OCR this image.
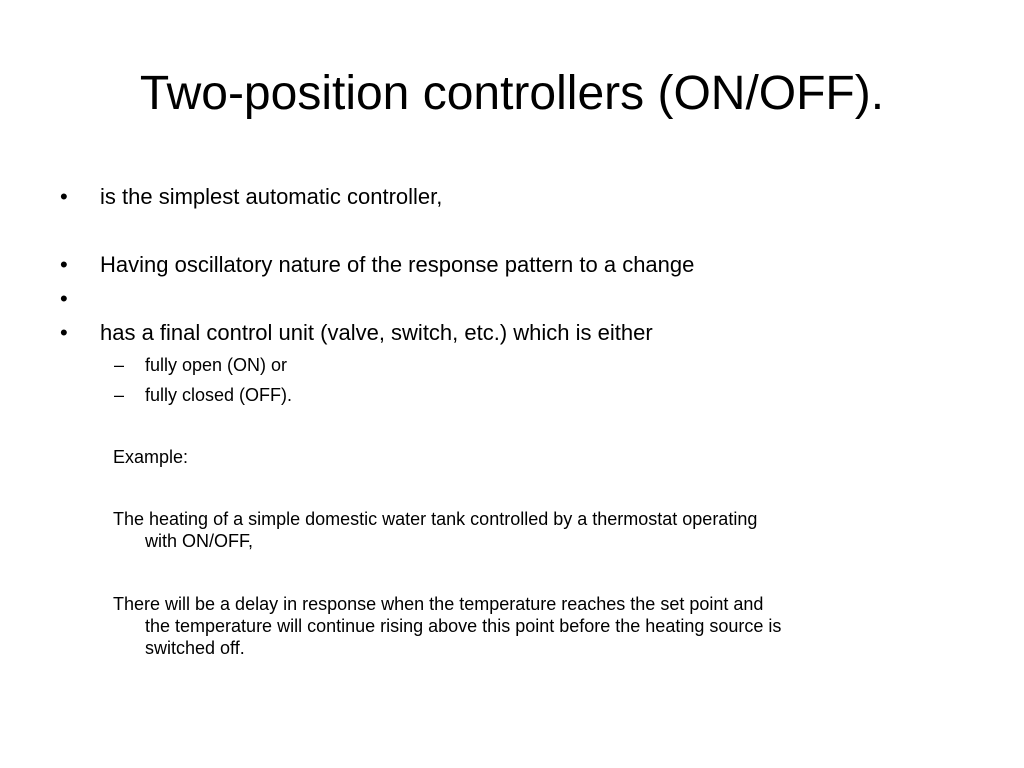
Two-position controllers (ON/OFF).
• is the simplest automatic controller,
• Having oscillatory nature of the response pattern to a change
•
• has a final control unit (valve, switch, etc.) which is either
– fully open (ON) or
– fully closed (OFF).
Example:
The heating of a simple domestic water tank controlled by a thermostat operating
with ON/OFF,
There will be a delay in response when the temperature reaches the set point and
the temperature will continue rising above this point before the heating source is
switched off.
